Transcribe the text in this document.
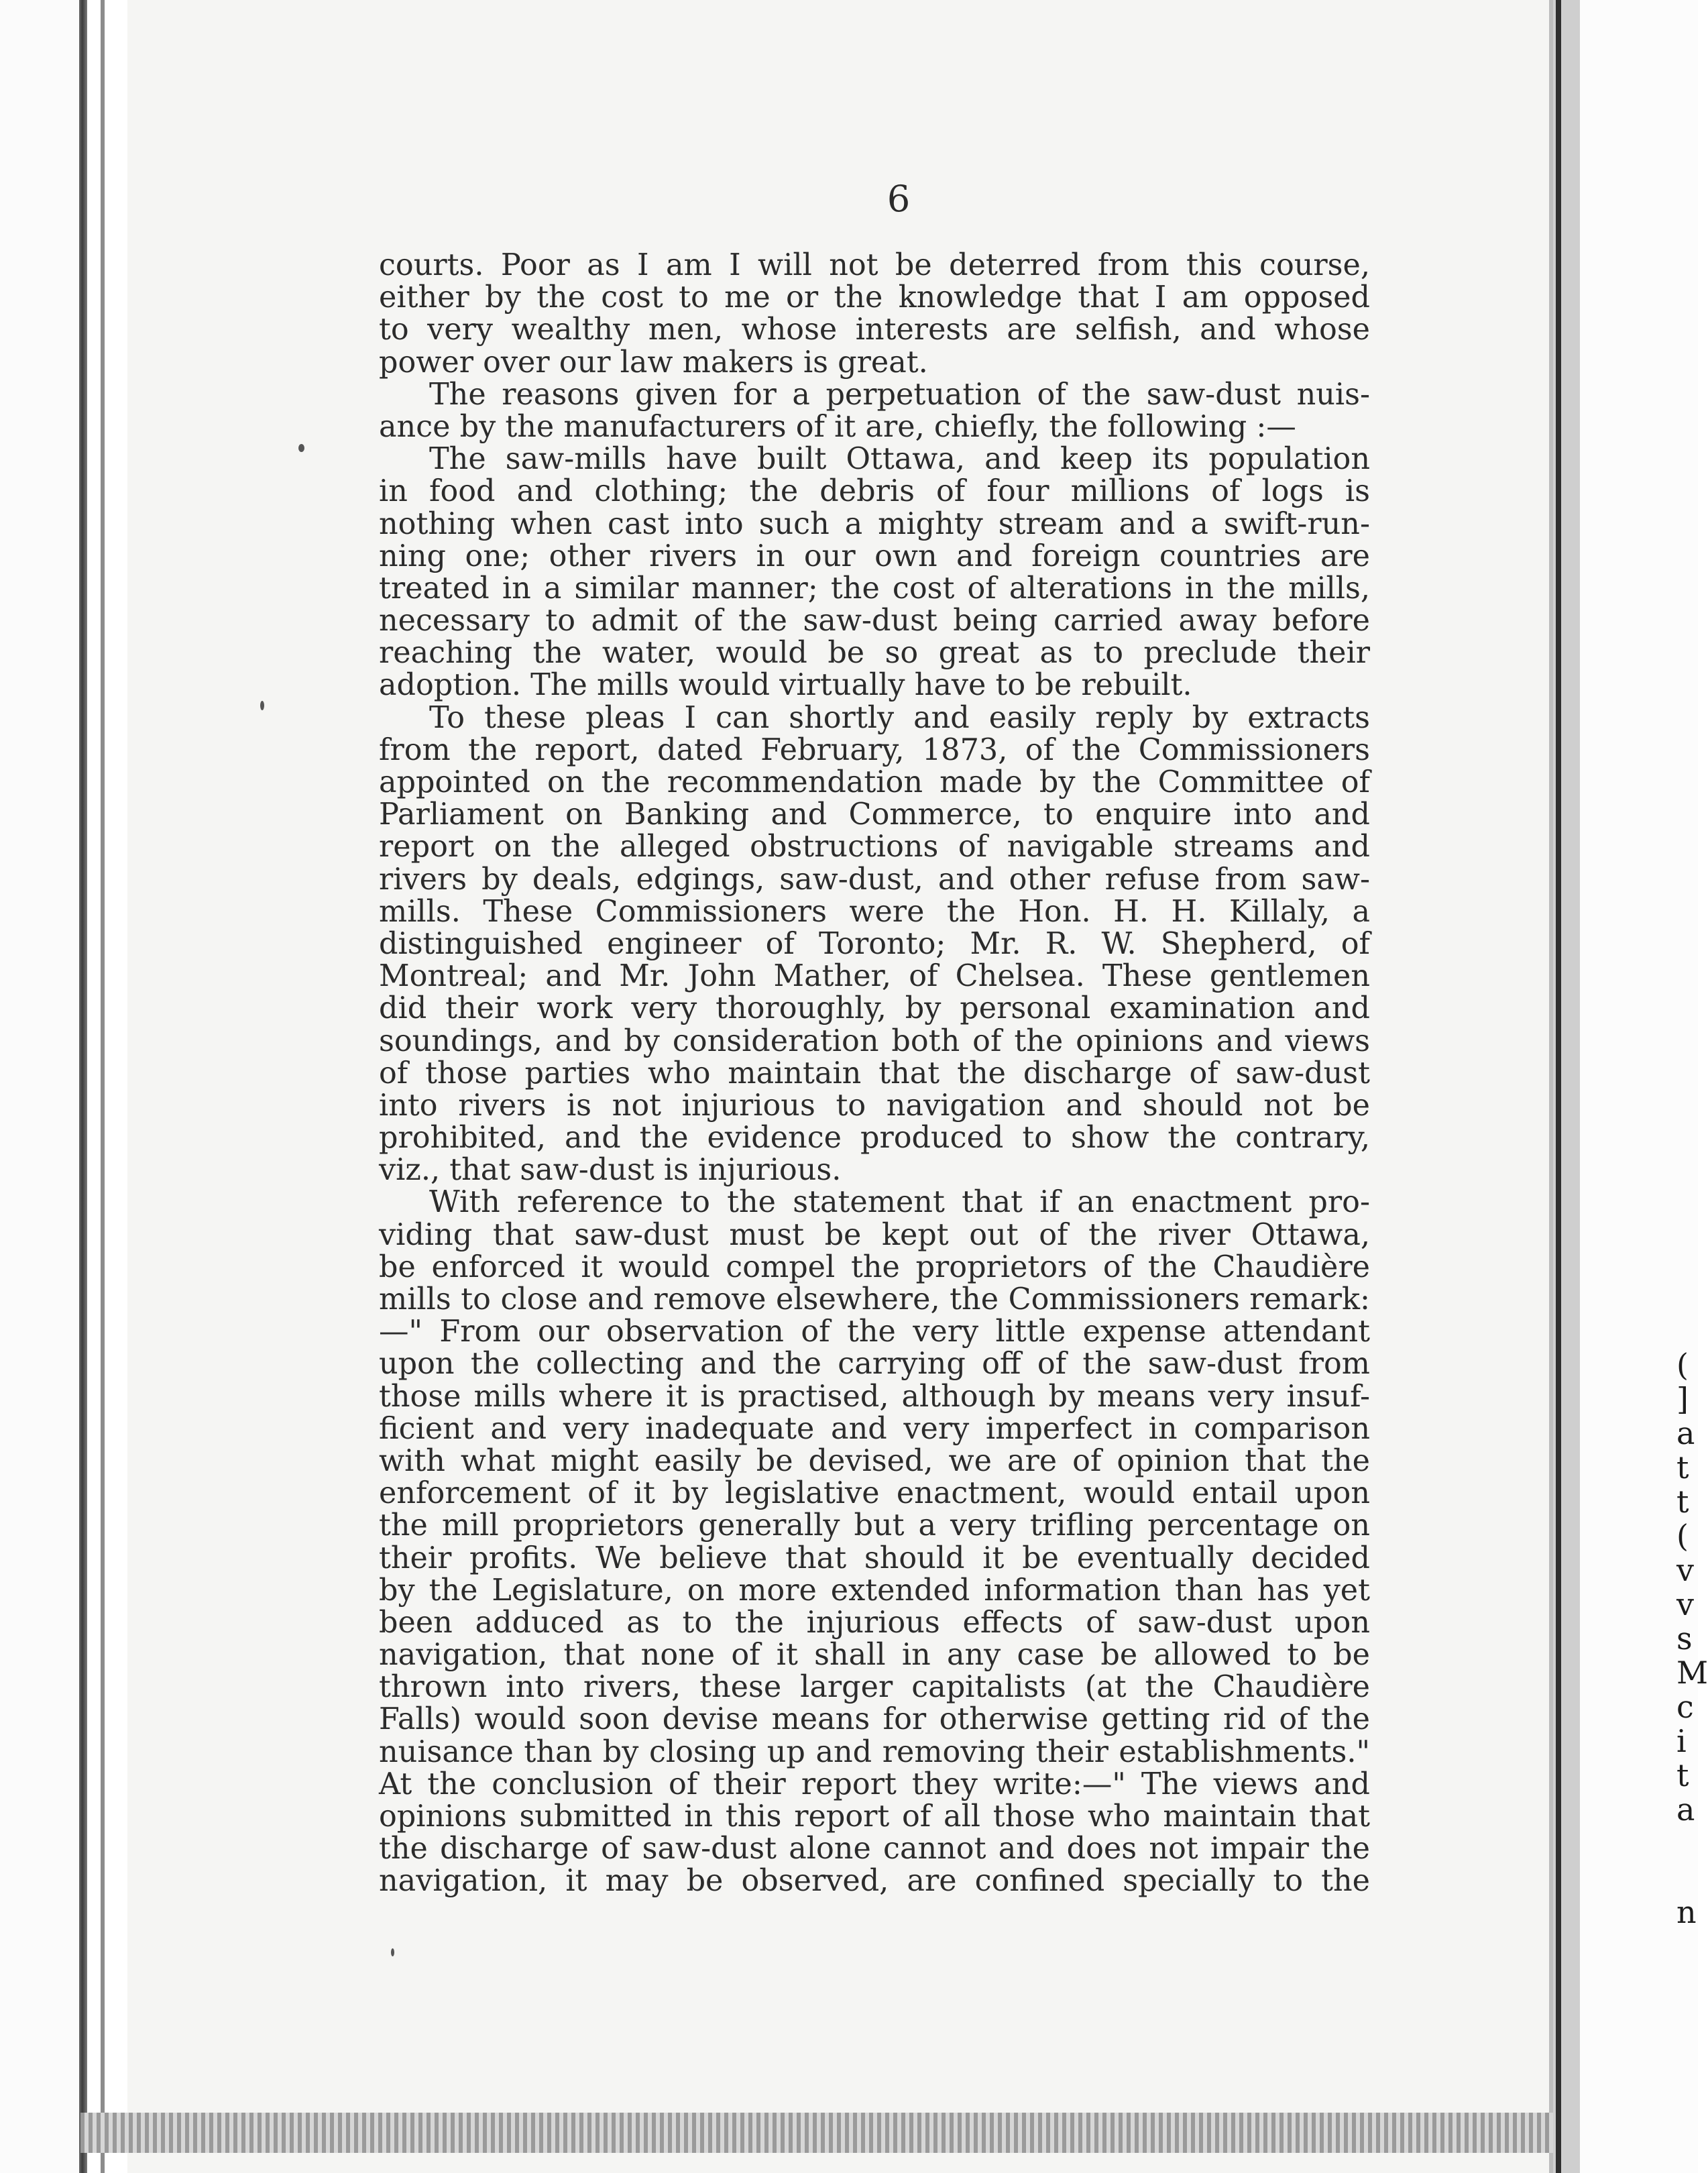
(
]
a
t
t
(
v
v
s
M
c
i
t
a
n
6
courts. Poor as I am I will not be deterred from this course,
either by the cost to me or the knowledge that I am opposed
to very wealthy men, whose interests are selfish, and whose
power over our law makers is great.
The reasons given for a perpetuation of the saw-dust nuis-
ance by the manufacturers of it are, chiefly, the following :—
The saw-mills have built Ottawa, and keep its population
in food and clothing; the debris of four millions of logs is
nothing when cast into such a mighty stream and a swift-run-
ning one; other rivers in our own and foreign countries are
treated in a similar manner; the cost of alterations in the mills,
necessary to admit of the saw-dust being carried away before
reaching the water, would be so great as to preclude their
adoption. The mills would virtually have to be rebuilt.
To these pleas I can shortly and easily reply by extracts
from the report, dated February, 1873, of the Commissioners
appointed on the recommendation made by the Committee of
Parliament on Banking and Commerce, to enquire into and
report on the alleged obstructions of navigable streams and
rivers by deals, edgings, saw-dust, and other refuse from saw-
mills. These Commissioners were the Hon. H. H. Killaly, a
distinguished engineer of Toronto; Mr. R. W. Shepherd, of
Montreal; and Mr. John Mather, of Chelsea. These gentlemen
did their work very thoroughly, by personal examination and
soundings, and by consideration both of the opinions and views
of those parties who maintain that the discharge of saw-dust
into rivers is not injurious to navigation and should not be
prohibited, and the evidence produced to show the contrary,
viz., that saw-dust is injurious.
With reference to the statement that if an enactment pro-
viding that saw-dust must be kept out of the river Ottawa,
be enforced it would compel the proprietors of the Chaudière
mills to close and remove elsewhere, the Commissioners remark:
—" From our observation of the very little expense attendant
upon the collecting and the carrying off of the saw-dust from
those mills where it is practised, although by means very insuf-
ficient and very inadequate and very imperfect in comparison
with what might easily be devised, we are of opinion that the
enforcement of it by legislative enactment, would entail upon
the mill proprietors generally but a very trifling percentage on
their profits. We believe that should it be eventually decided
by the Legislature, on more extended information than has yet
been adduced as to the injurious effects of saw-dust upon
navigation, that none of it shall in any case be allowed to be
thrown into rivers, these larger capitalists (at the Chaudière
Falls) would soon devise means for otherwise getting rid of the
nuisance than by closing up and removing their establishments."
At the conclusion of their report they write:—" The views and
opinions submitted in this report of all those who maintain that
the discharge of saw-dust alone cannot and does not impair the
navigation, it may be observed, are confined specially to the
